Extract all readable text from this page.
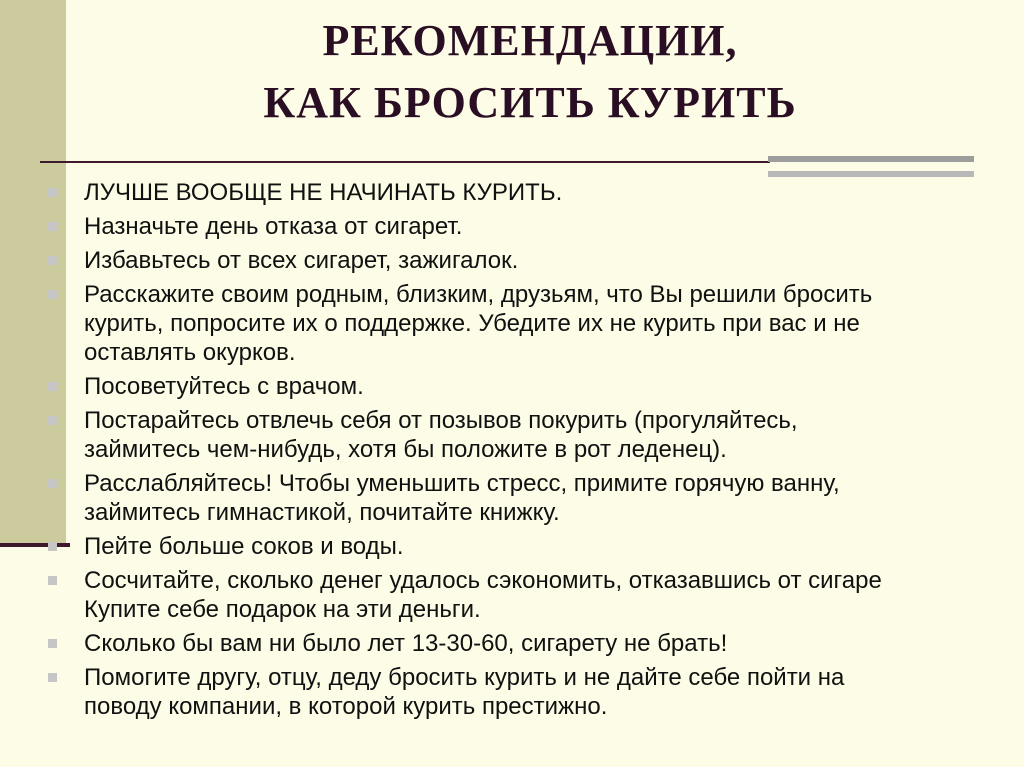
РЕКОМЕНДАЦИИ,
КАК БРОСИТЬ КУРИТЬ
ЛУЧШЕ ВООБЩЕ НЕ НАЧИНАТЬ КУРИТЬ.
Назначьте день отказа от сигарет.
Избавьтесь от всех сигарет, зажигалок.
Расскажите своим родным, близким, друзьям, что Вы решили бросить
курить, попросите их о поддержке. Убедите их не курить при вас и не
оставлять окурков.
Посоветуйтесь с врачом.
Постарайтесь отвлечь себя от позывов покурить (прогуляйтесь,
займитесь чем-нибудь, хотя бы положите в рот леденец).
Расслабляйтесь! Чтобы уменьшить стресс, примите горячую ванну,
займитесь гимнастикой, почитайте книжку.
Пейте больше соков и воды.
Сосчитайте, сколько денег удалось сэкономить, отказавшись от сигаре
Купите себе подарок на эти деньги.
Сколько бы вам ни было лет 13-30-60, сигарету не брать!
Помогите другу, отцу, деду бросить курить и не дайте себе пойти на
поводу компании, в которой курить престижно.
